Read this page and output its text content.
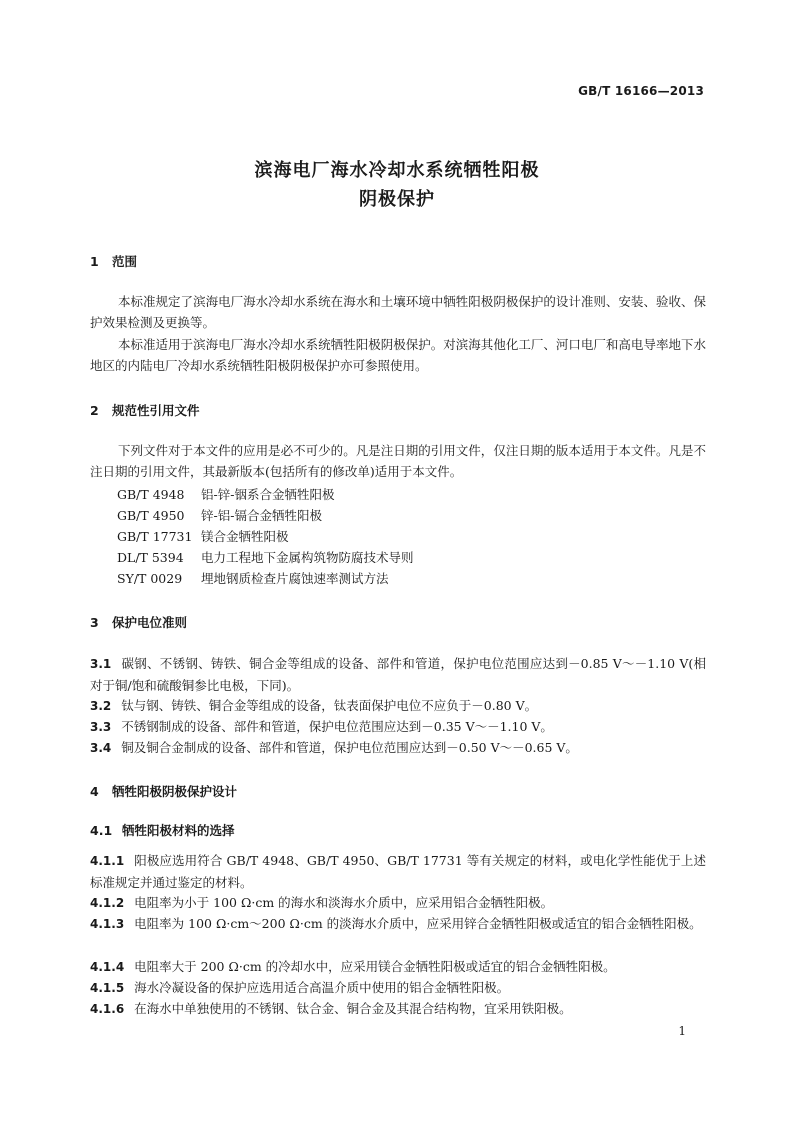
GB/T 16166—2013
滨海电厂海水冷却水系统牺牲阳极
阴极保护
1 范围
本标准规定了滨海电厂海水冷却水系统在海水和土壤环境中牺牲阳极阴极保护的设计准则、安装、验收、保护效果检测及更换等。
本标准适用于滨海电厂海水冷却水系统牺牲阳极阴极保护。对滨海其他化工厂、河口电厂和高电导率地下水地区的内陆电厂冷却水系统牺牲阳极阴极保护亦可参照使用。
2 规范性引用文件
下列文件对于本文件的应用是必不可少的。凡是注日期的引用文件，仅注日期的版本适用于本文件。凡是不注日期的引用文件，其最新版本(包括所有的修改单)适用于本文件。
GB/T 4948 铝-锌-铟系合金牺牲阳极
GB/T 4950 锌-铝-镉合金牺牲阳极
GB/T 17731 镁合金牺牲阳极
DL/T 5394 电力工程地下金属构筑物防腐技术导则
SY/T 0029 埋地钢质检查片腐蚀速率测试方法
3 保护电位准则
3.1 碳钢、不锈钢、铸铁、铜合金等组成的设备、部件和管道，保护电位范围应达到－0.85 V～－1.10 V(相对于铜/饱和硫酸铜参比电极，下同)。
3.2 钛与钢、铸铁、铜合金等组成的设备，钛表面保护电位不应负于－0.80 V。
3.3 不锈钢制成的设备、部件和管道，保护电位范围应达到－0.35 V～－1.10 V。
3.4 铜及铜合金制成的设备、部件和管道，保护电位范围应达到－0.50 V～－0.65 V。
4 牺牲阳极阴极保护设计
4.1 牺牲阳极材料的选择
4.1.1 阳极应选用符合 GB/T 4948、GB/T 4950、GB/T 17731 等有关规定的材料，或电化学性能优于上述标准规定并通过鉴定的材料。
4.1.2 电阻率为小于 100 Ω·cm 的海水和淡海水介质中，应采用铝合金牺牲阳极。
4.1.3 电阻率为 100 Ω·cm～200 Ω·cm 的淡海水介质中，应采用锌合金牺牲阳极或适宜的铝合金牺牲阳极。
4.1.4 电阻率大于 200 Ω·cm 的冷却水中，应采用镁合金牺牲阳极或适宜的铝合金牺牲阳极。
4.1.5 海水冷凝设备的保护应选用适合高温介质中使用的铝合金牺牲阳极。
4.1.6 在海水中单独使用的不锈钢、钛合金、铜合金及其混合结构物，宜采用铁阳极。
1
